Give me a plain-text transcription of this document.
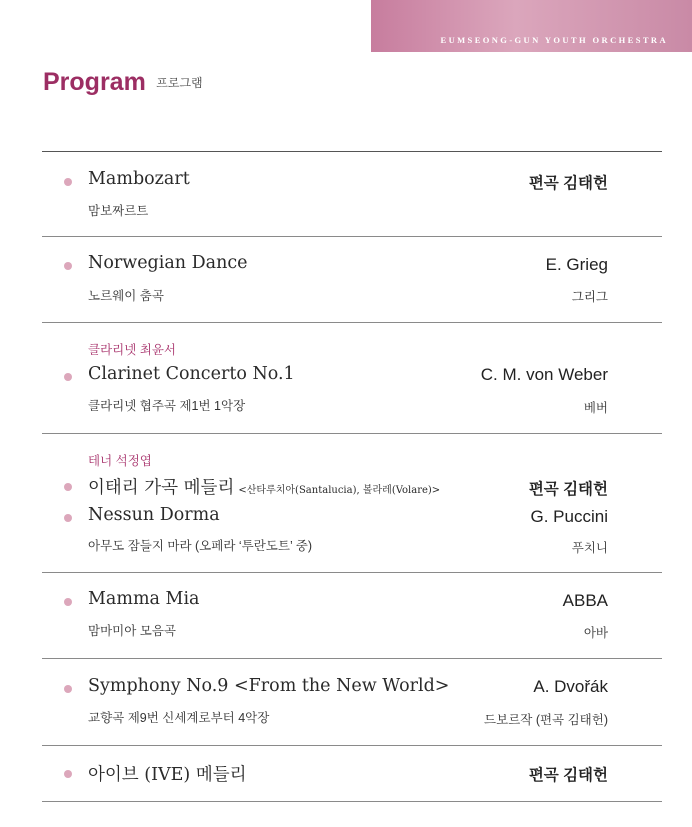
EUMSEONG-GUN YOUTH ORCHESTRA
Program 프로그램
Mambozart
맘보짜르트
편곡 김태헌
Norwegian Dance
노르웨이 춤곡
E. Grieg
그리그
클라리넷 최윤서
Clarinet Concerto No.1
클라리넷 협주곡 제1번 1악장
C. M. von Weber
베버
테너 석정엽
이태리 가곡 메들리 <산타루치아(Santalucia), 볼라레(Volare)>	편곡 김태헌
Nessun Dorma
아무도 잠들지 마라 (오페라 ‘투란도트’ 중)
G. Puccini
푸치니
Mamma Mia
맘마미아 모음곡
ABBA
아바
Symphony No.9 <From the New World>
교향곡 제9번 신세계로부터 4악장
A. Dvořák
드보르작 (편곡 김태헌)
아이브 (IVE) 메들리	편곡 김태헌
